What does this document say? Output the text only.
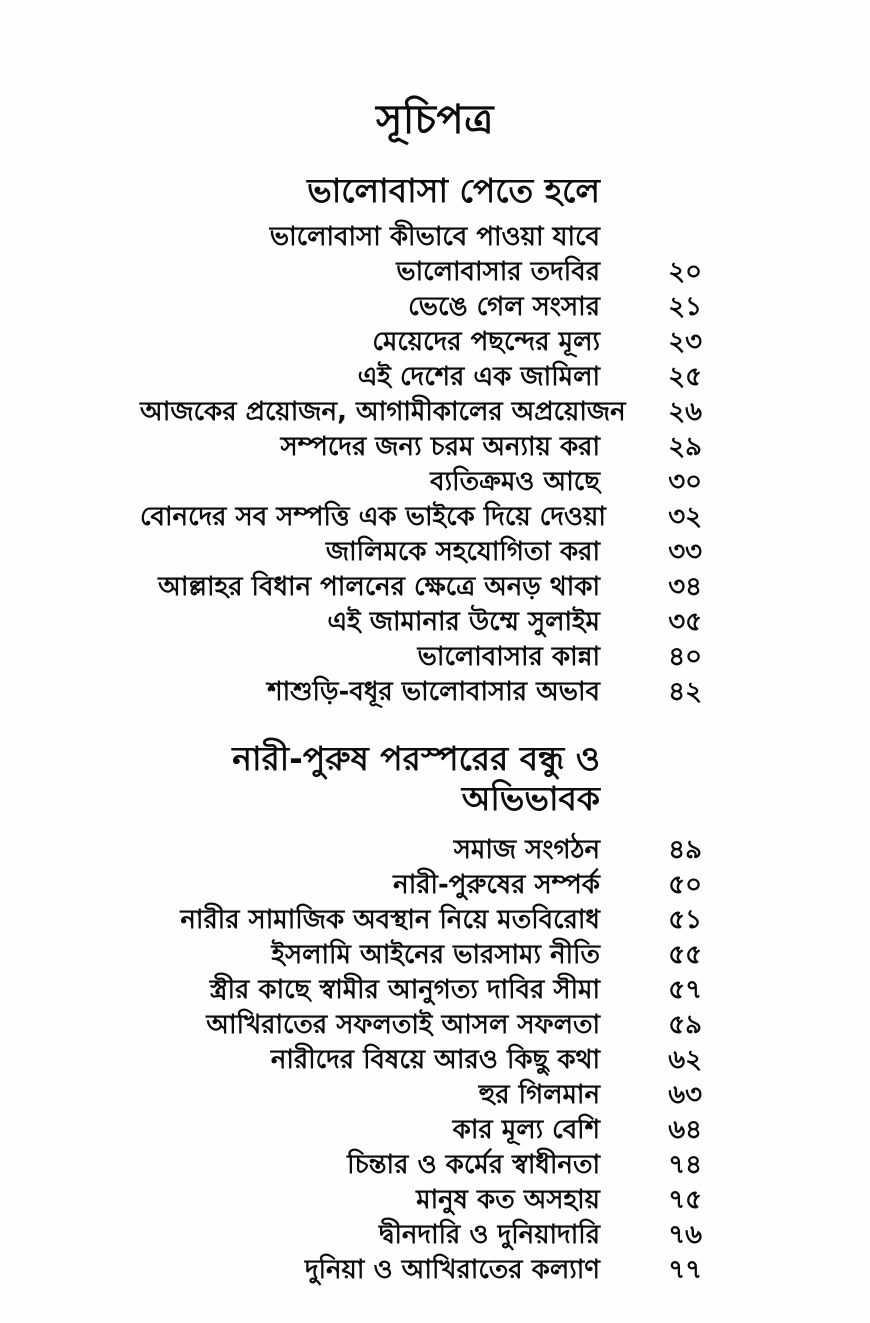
সূচিপত্র
ভালোবাসা পেতে হলে
ভালোবাসা কীভাবে পাওয়া যাবে
ভালোবাসার তদবির	২০
ভেঙে গেল সংসার	২১
মেয়েদের পছন্দের মূল্য	২৩
এই দেশের এক জামিলা	২৫
আজকের প্রয়োজন, আগামীকালের অপ্রয়োজন	২৬
সম্পদের জন্য চরম অন্যায় করা	২৯
ব্যতিক্রমও আছে	৩০
বোনদের সব সম্পত্তি এক ভাইকে দিয়ে দেওয়া	৩২
জালিমকে সহযোগিতা করা	৩৩
আল্লাহর বিধান পালনের ক্ষেত্রে অনড় থাকা	৩৪
এই জামানার উম্মে সুলাইম	৩৫
ভালোবাসার কান্না	৪০
শাশুড়ি-বধূর ভালোবাসার অভাব	৪২
নারী-পুরুষ পরস্পরের বন্ধু ও অভিভাবক
সমাজ সংগঠন	৪৯
নারী-পুরুষের সম্পর্ক	৫০
নারীর সামাজিক অবস্থান নিয়ে মতবিরোধ	৫১
ইসলামি আইনের ভারসাম্য নীতি	৫৫
স্ত্রীর কাছে স্বামীর আনুগত্য দাবির সীমা	৫৭
আখিরাতের সফলতাই আসল সফলতা	৫৯
নারীদের বিষয়ে আরও কিছু কথা	৬২
হুর গিলমান	৬৩
কার মূল্য বেশি	৬৪
চিন্তার ও কর্মের স্বাধীনতা	৭৪
মানুষ কত অসহায়	৭৫
দ্বীনদারি ও দুনিয়াদারি	৭৬
দুনিয়া ও আখিরাতের কল্যাণ	৭৭
